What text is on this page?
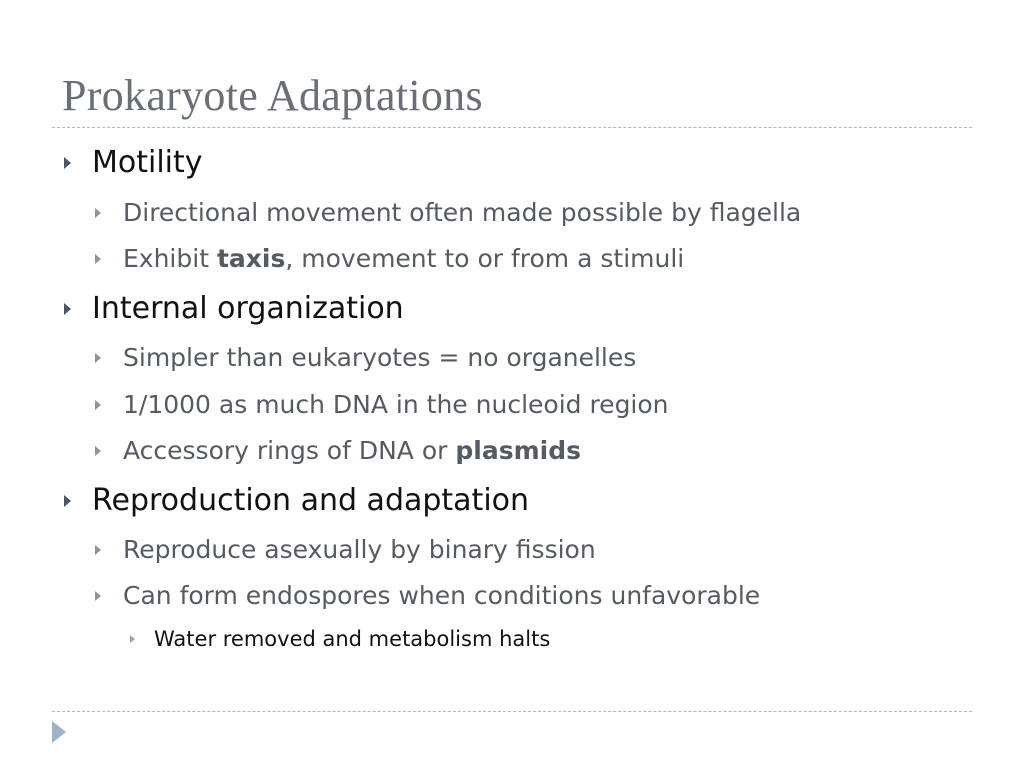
Prokaryote Adaptations
Motility
Directional movement often made possible by flagella
Exhibit taxis, movement to or from a stimuli
Internal organization
Simpler than eukaryotes = no organelles
1/1000 as much DNA in the nucleoid region
Accessory rings of DNA or plasmids
Reproduction and adaptation
Reproduce asexually by binary fission
Can form endospores when conditions unfavorable
Water removed and metabolism halts
